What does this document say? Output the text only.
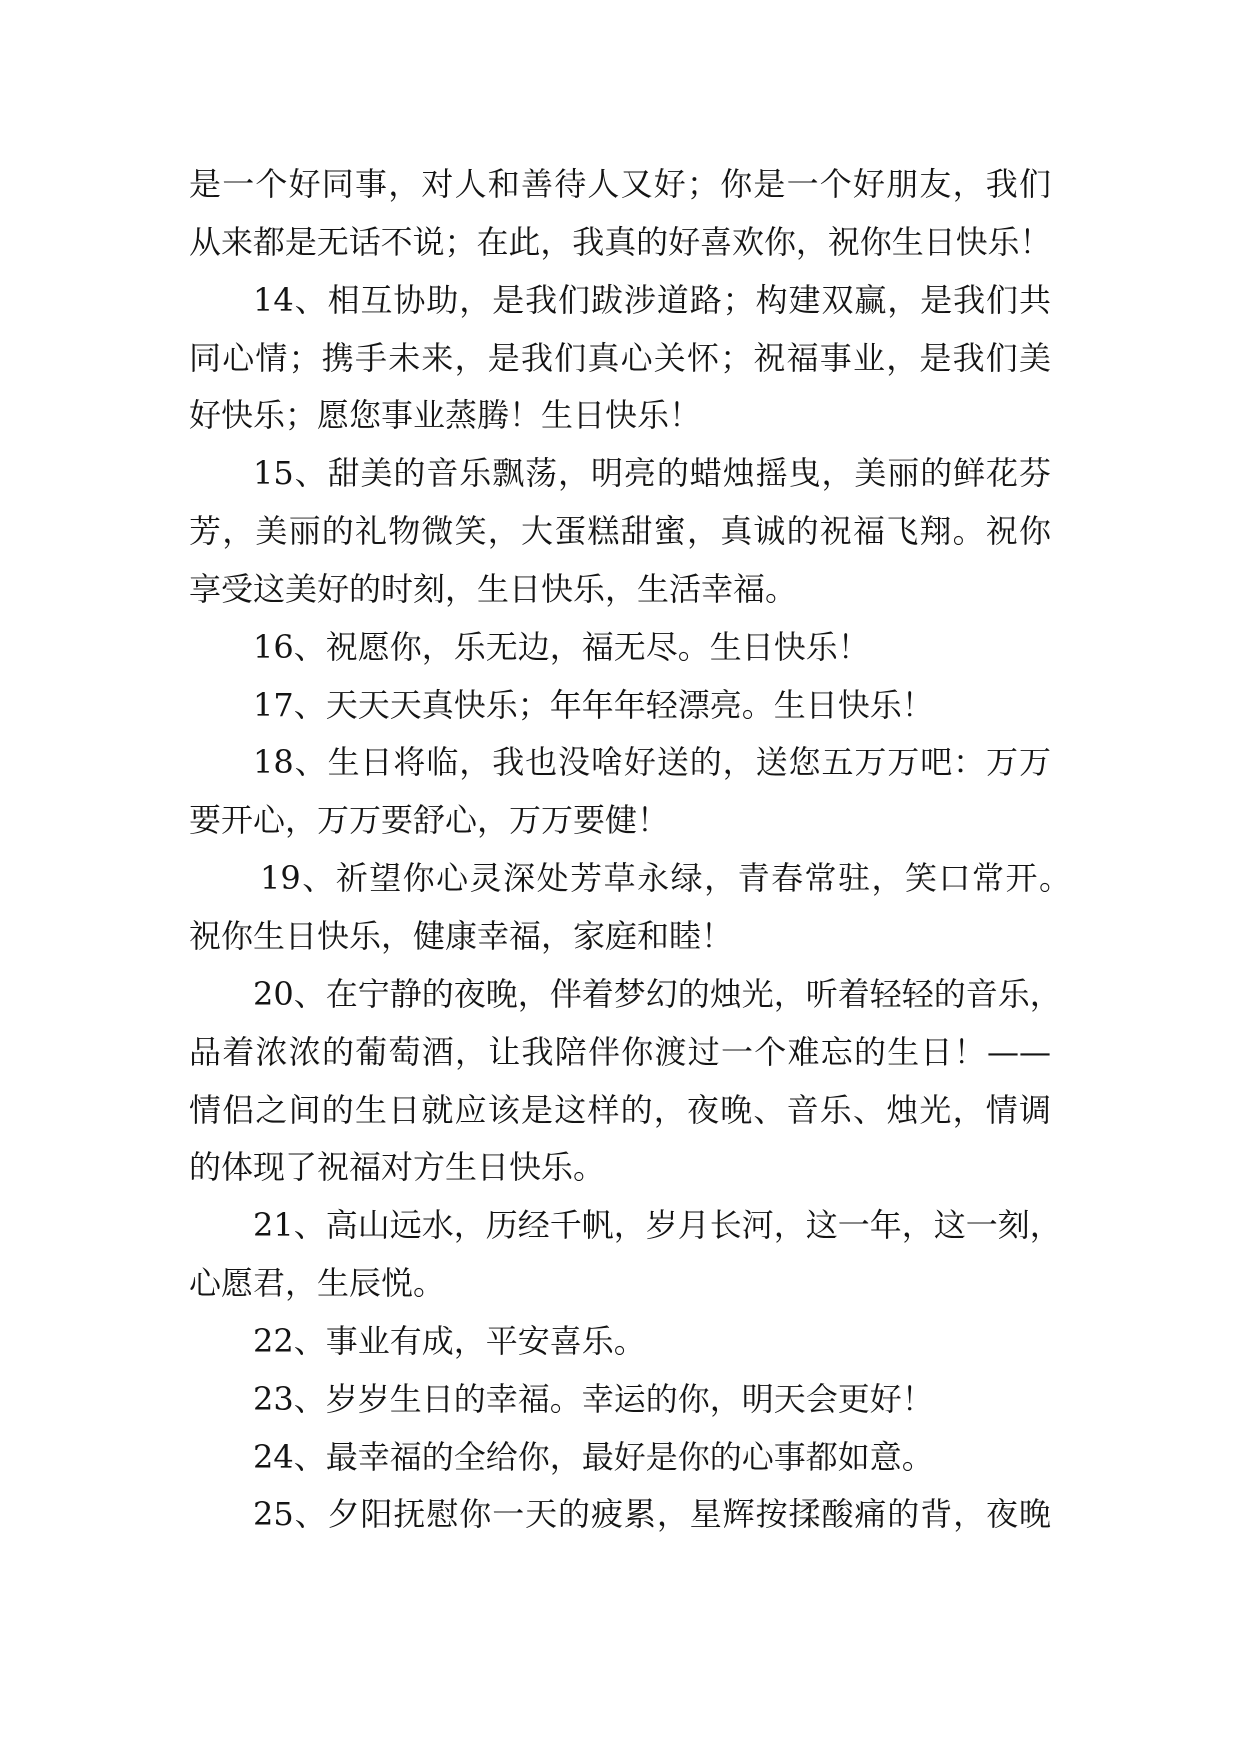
是一个好同事，对人和善待人又好；你是一个好朋友，我们
从来都是无话不说；在此，我真的好喜欢你，祝你生日快乐！
14、相互协助，是我们跋涉道路；构建双赢，是我们共
同心情；携手未来，是我们真心关怀；祝福事业，是我们美
好快乐；愿您事业蒸腾！生日快乐！
15、甜美的音乐飘荡，明亮的蜡烛摇曳，美丽的鲜花芬
芳，美丽的礼物微笑，大蛋糕甜蜜，真诚的祝福飞翔。祝你
享受这美好的时刻，生日快乐，生活幸福。
16、祝愿你，乐无边，福无尽。生日快乐！
17、天天天真快乐；年年年轻漂亮。生日快乐！
18、生日将临，我也没啥好送的，送您五万万吧：万万
要开心，万万要舒心，万万要健！
19、祈望你心灵深处芳草永绿，青春常驻，笑口常开。
祝你生日快乐，健康幸福，家庭和睦！
20、在宁静的夜晚，伴着梦幻的烛光，听着轻轻的音乐，
品着浓浓的葡萄酒，让我陪伴你渡过一个难忘的生日！——
情侣之间的生日就应该是这样的，夜晚、音乐、烛光，情调
的体现了祝福对方生日快乐。
21、高山远水，历经千帆，岁月长河，这一年，这一刻，
心愿君，生辰悦。
22、事业有成，平安喜乐。
23、岁岁生日的幸福。幸运的你，明天会更好！
24、最幸福的全给你，最好是你的心事都如意。
25、夕阳抚慰你一天的疲累，星辉按揉酸痛的背，夜晚
